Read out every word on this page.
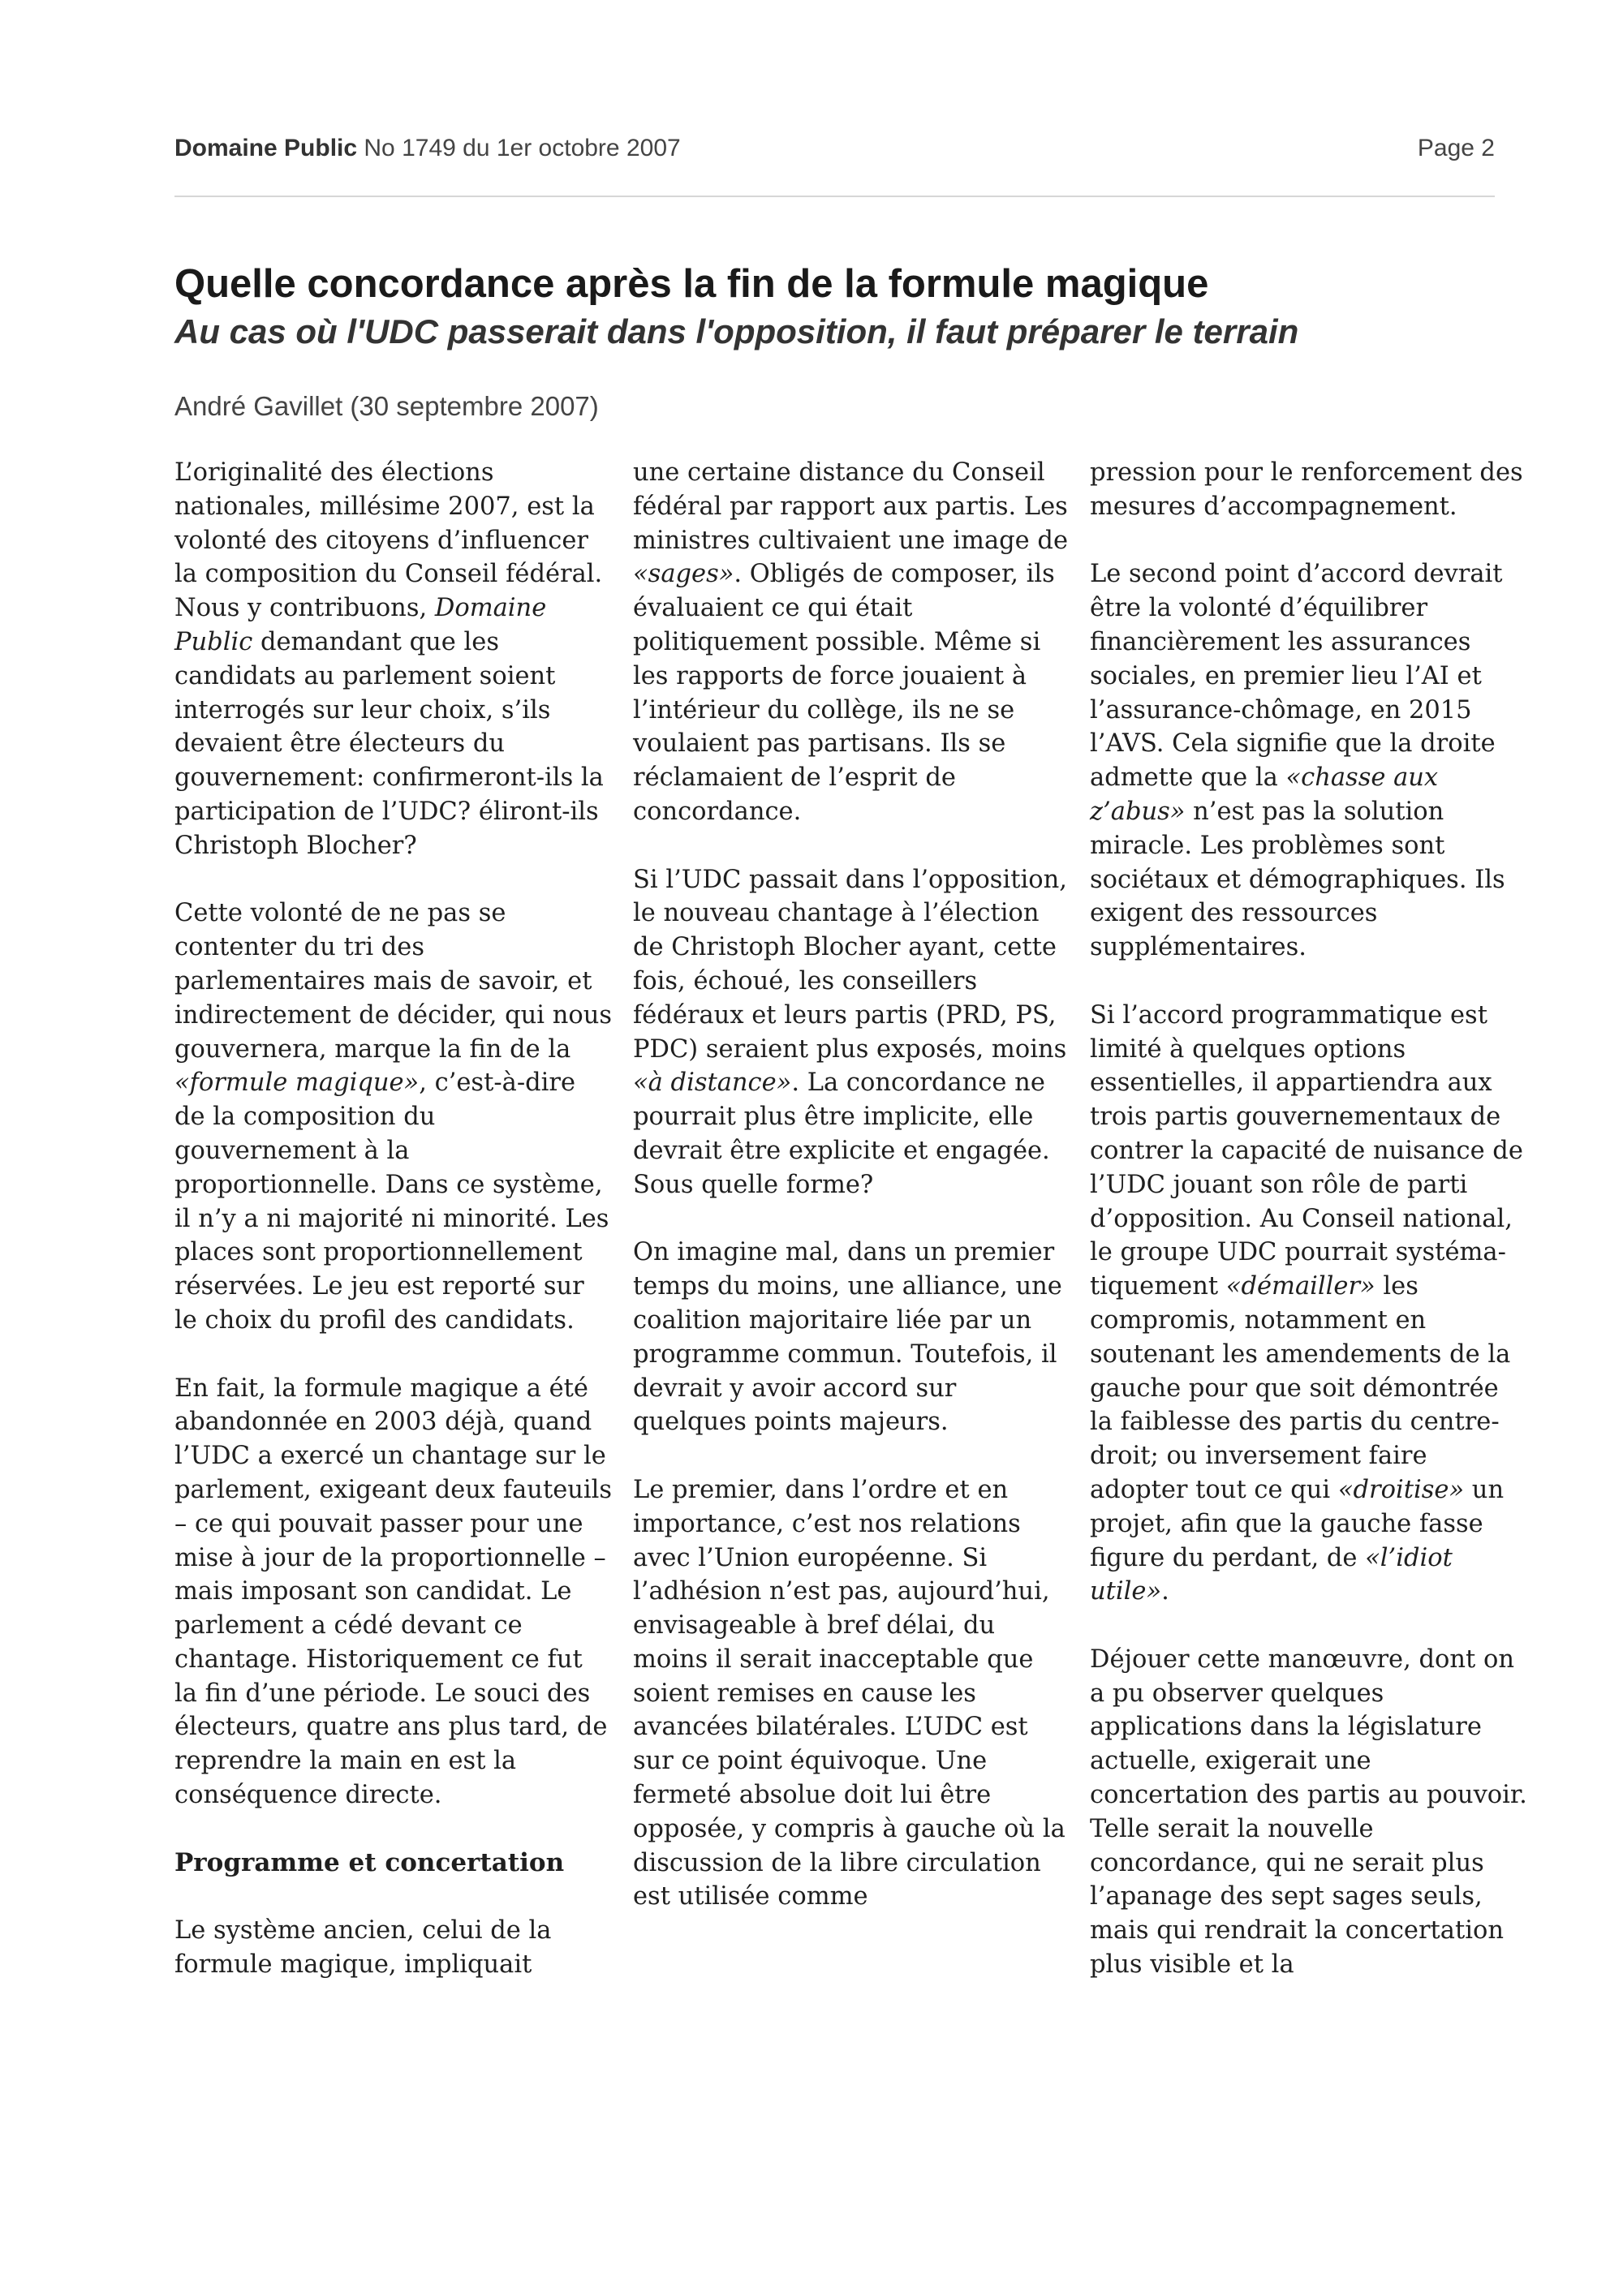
Domaine Public No 1749 du 1er octobre 2007	Page 2
Quelle concordance après la fin de la formule magique
Au cas où l'UDC passerait dans l'opposition, il faut préparer le terrain
André Gavillet (30 septembre 2007)

L’originalité des élections nationales, millésime 2007, est la volonté des citoyens d’influencer la composition du Conseil fédéral. Nous y contribuons, Domaine Public demandant que les candidats au parlement soient interrogés sur leur choix, s’ils devaient être électeurs du gouvernement: confirmeront-ils la participation de l’UDC? éliront-ils Christoph Blocher?

Cette volonté de ne pas se contenter du tri des parlementaires mais de savoir, et indirectement de décider, qui nous gouvernera, marque la fin de la «formule magique», c’est-à-dire de la composition du gouvernement à la proportionnelle. Dans ce système, il n’y a ni majorité ni minorité. Les places sont proportionnellement réservées. Le jeu est reporté sur le choix du profil des candidats.

En fait, la formule magique a été abandonnée en 2003 déjà, quand l’UDC a exercé un chantage sur le parlement, exigeant deux fauteuils – ce qui pouvait passer pour une mise à jour de la proportionnelle – mais imposant son candidat. Le parlement a cédé devant ce chantage. Historiquement ce fut la fin d’une période. Le souci des électeurs, quatre ans plus tard, de reprendre la main en est la conséquence directe.

Programme et concertation

Le système ancien, celui de la formule magique, impliquait

une certaine distance du Conseil fédéral par rapport aux partis. Les ministres cultivaient une image de «sages». Obligés de composer, ils évaluaient ce qui était politiquement possible. Même si les rapports de force jouaient à l’intérieur du collège, ils ne se voulaient pas partisans. Ils se réclamaient de l’esprit de concordance.

Si l’UDC passait dans l’opposition, le nouveau chantage à l’élection de Christoph Blocher ayant, cette fois, échoué, les conseillers fédéraux et leurs partis (PRD, PS, PDC) seraient plus exposés, moins «à distance». La concordance ne pourrait plus être implicite, elle devrait être explicite et engagée. Sous quelle forme?

On imagine mal, dans un premier temps du moins, une alliance, une coalition majoritaire liée par un programme commun. Toutefois, il devrait y avoir accord sur quelques points majeurs.

Le premier, dans l’ordre et en importance, c’est nos relations avec l’Union européenne. Si l’adhésion n’est pas, aujourd’hui, envisageable à bref délai, du moins il serait inacceptable que soient remises en cause les avancées bilatérales. L’UDC est sur ce point équivoque. Une fermeté absolue doit lui être opposée, y compris à gauche où la discussion de la libre circulation est utilisée comme

pression pour le renforcement des mesures d’accompagnement.

Le second point d’accord devrait être la volonté d’équilibrer financièrement les assurances sociales, en premier lieu l’AI et l’assurance-chômage, en 2015 l’AVS. Cela signifie que la droite admette que la «chasse aux z’abus» n’est pas la solution miracle. Les problèmes sont sociétaux et démographiques. Ils exigent des ressources supplémentaires.

Si l’accord programmatique est limité à quelques options essentielles, il appartiendra aux trois partis gouvernementaux de contrer la capacité de nuisance de l’UDC jouant son rôle de parti d’opposition. Au Conseil national, le groupe UDC pourrait systéma-tiquement «démailler» les compromis, notamment en soutenant les amendements de la gauche pour que soit démontrée la faiblesse des partis du centre-droit; ou inversement faire adopter tout ce qui «droitise» un projet, afin que la gauche fasse figure du perdant, de «l’idiot utile».

Déjouer cette manœuvre, dont on a pu observer quelques applications dans la législature actuelle, exigerait une concertation des partis au pouvoir. Telle serait la nouvelle concordance, qui ne serait plus l’apanage des sept sages seuls, mais qui rendrait la concertation plus visible et la
